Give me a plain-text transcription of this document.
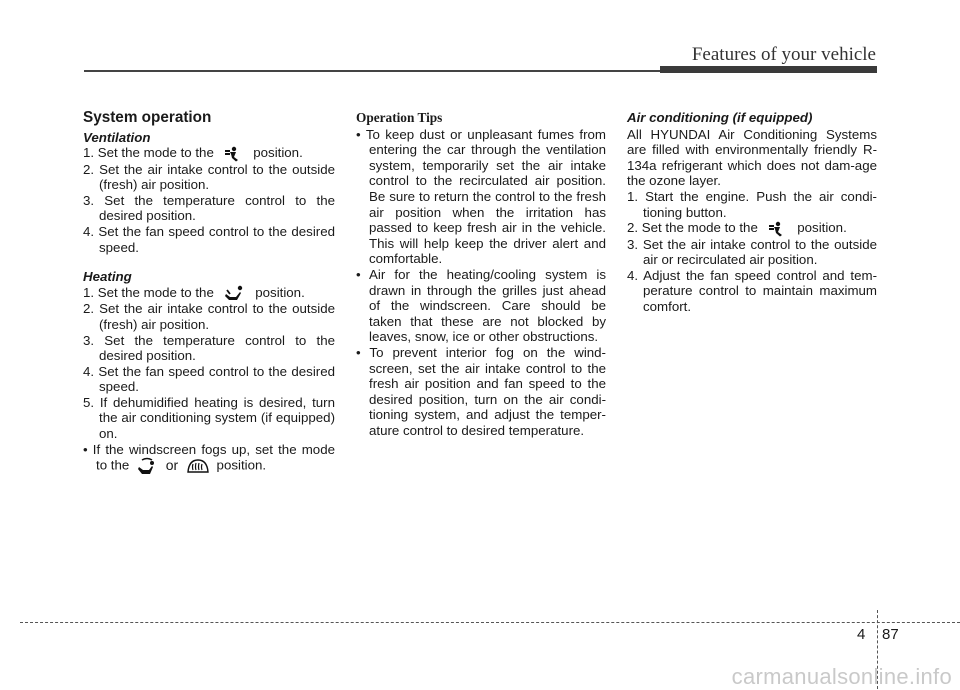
Features of your vehicle
System operation
Ventilation
1. Set the mode to the	position.
2. Set the air intake control to the outside (fresh) air position.
3. Set the temperature control to the desired position.
4. Set the fan speed control to the desired speed.
Heating
1. Set the mode to the	position.
2. Set the air intake control to the outside (fresh) air position.
3. Set the temperature control to the desired position.
4. Set the fan speed control to the desired speed.
5. If dehumidified heating is desired, turn the air conditioning system (if equipped) on.
• If the windscreen fogs up, set the mode to the	or	position.
Operation Tips
• To keep dust or unpleasant fumes from entering the car through the ventilation system, temporarily set the air intake control to the recirculated air position. Be sure to return the control to the fresh air position when the irritation has passed to keep fresh air in the vehicle. This will help keep the driver alert and comfortable.
• Air for the heating/cooling system is drawn in through the grilles just ahead of the windscreen. Care should be taken that these are not blocked by leaves, snow, ice or other obstructions.
• To prevent interior fog on the wind-screen, set the air intake control to the fresh air position and fan speed to the desired position, turn on the air condi-tioning system, and adjust the temper-ature control to desired temperature.
Air conditioning (if equipped)

All HYUNDAI Air Conditioning Systems are filled with environmentally friendly R-134a refrigerant which does not dam-age the ozone layer.

1. Start the engine. Push the air condi-tioning button.
2. Set the mode to the	position.
3. Set the air intake control to the outside air or recirculated air position.
4. Adjust the fan speed control and tem-perature control to maintain maximum comfort.
4 87
carmanualsonline.info
